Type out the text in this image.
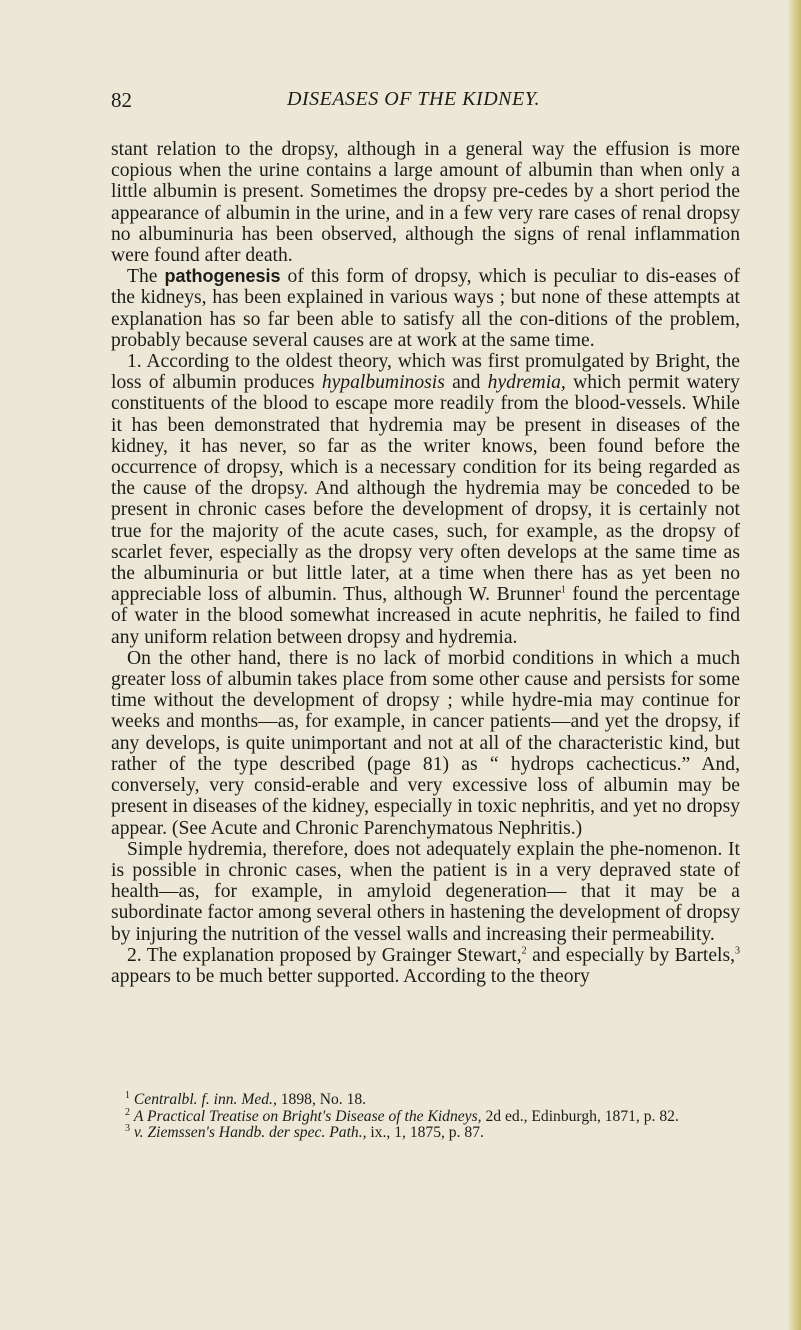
82	DISEASES OF THE KIDNEY.

stant relation to the dropsy, although in a general way the effusion is more copious when the urine contains a large amount of albumin than when only a little albumin is present. Sometimes the dropsy pre-cedes by a short period the appearance of albumin in the urine, and in a few very rare cases of renal dropsy no albuminuria has been observed, although the signs of renal inflammation were found after death.

The pathogenesis of this form of dropsy, which is peculiar to dis-eases of the kidneys, has been explained in various ways ; but none of these attempts at explanation has so far been able to satisfy all the con-ditions of the problem, probably because several causes are at work at the same time.

1. According to the oldest theory, which was first promulgated by Bright, the loss of albumin produces hypalbuminosis and hydremia, which permit watery constituents of the blood to escape more readily from the blood-vessels. While it has been demonstrated that hydremia may be present in diseases of the kidney, it has never, so far as the writer knows, been found before the occurrence of dropsy, which is a necessary condition for its being regarded as the cause of the dropsy. And although the hydremia may be conceded to be present in chronic cases before the development of dropsy, it is certainly not true for the majority of the acute cases, such, for example, as the dropsy of scarlet fever, especially as the dropsy very often develops at the same time as the albuminuria or but little later, at a time when there has as yet been no appreciable loss of albumin. Thus, although W. Brunner$^1$ found the percentage of water in the blood somewhat increased in acute nephritis, he failed to find any uniform relation between dropsy and hydremia.

On the other hand, there is no lack of morbid conditions in which a much greater loss of albumin takes place from some other cause and persists for some time without the development of dropsy ; while hydre-mia may continue for weeks and months—as, for example, in cancer patients—and yet the dropsy, if any develops, is quite unimportant and not at all of the characteristic kind, but rather of the type described (page 81) as “ hydrops cachecticus.” And, conversely, very consid-erable and very excessive loss of albumin may be present in diseases of the kidney, especially in toxic nephritis, and yet no dropsy appear. (See Acute and Chronic Parenchymatous Nephritis.)

Simple hydremia, therefore, does not adequately explain the phe-nomenon. It is possible in chronic cases, when the patient is in a very depraved state of health—as, for example, in amyloid degeneration— that it may be a subordinate factor among several others in hastening the development of dropsy by injuring the nutrition of the vessel walls and increasing their permeability.

2. The explanation proposed by Grainger Stewart,$^2$ and especially by Bartels,$^3$ appears to be much better supported. According to the theory

$^1$ Centralbl. f. inn. Med., 1898, No. 18.

$^2$ A Practical Treatise on Bright's Disease of the Kidneys, 2d ed., Edinburgh, 1871, p. 82.

$^3$ v. Ziemssen's Handb. der spec. Path., ix., 1, 1875, p. 87.
